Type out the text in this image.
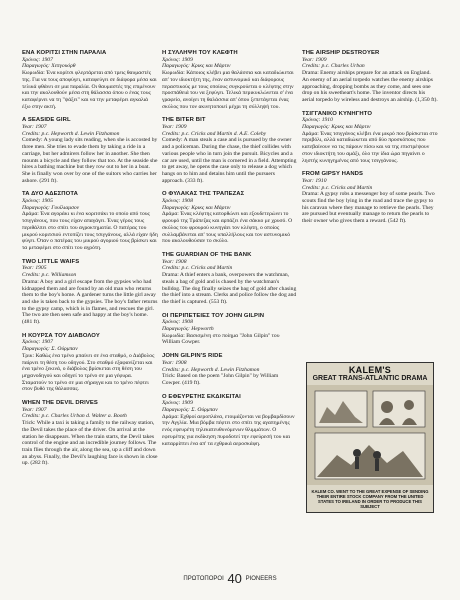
ΕΝΑ ΚΟΡΙΤΣΙ ΣΤΗΝ ΠΑΡΑΛΙΑ
Χρόνος: 1907
Παραγωγός: Χεπγουόρθ

Κωμωδία: Ένα κορίτσι φλερτάρεται από τρεις θαυμαστές της. Για να τους αποφύγει, καταφεύγει σε διάφορα μέσα και τελικά φθάνει σε μια παραλία. Οι θαυμαστές της επιμένουν και την ακολουθούν μέσα στη θάλασσα όπου ο ένας τους καταφέρνει να τη "ψάξει" και να την μεταφέρει αγκαλιά έξω στην ακτή.

A SEASIDE GIRL
Year: 1907
Credits: p.c. Hepworth d. Lewin Fitzhamon

Comedy: A young lady sits reading, when she is accosted by three men. She tries to evade them by taking a ride in a carriage, but her admirers follow her in another. She then mounts a bicycle and they follow that too. At the seaside she hires a bathing machine but they row out to her in a boat. She is finally won over by one of the suitors who carries her ashore. (291 ft).

ΤΑ ΔΥΟ ΑΔΕΣΠΟΤΑ
Χρόνος: 1905
Παραγωγός: Γουϊλιαμσον

Δράμα: Ένα αγοράκι κι ένα κοριτσάκι το οποίο από τους τσιγγάνους, που τους είχαν απαγάγει. Ένας γέρος τους περιθάλπει στο σπίτι του αγροκτηματία. Ο πατέρας του μικρού κοριτσιού εντοπίζει τους τσιγγάνους, αλλά είχαν ήδη φύγει. Όταν ο πατέρας του μικρού αγοριού τους βρίσκει και τα μεταφέρει στο σπίτι του αγρότη.

TWO LITTLE WAIFS
Year: 1905
Credits: p.c. Williamson

Drama: A boy and a girl escape from the gypsies who had kidnapped them and are found by an old man who returns them to the boy's home. A gardener turns the little girl away and she is taken back to the gypsies. The boy's father returns to the gypsy camp, which is in flames, and rescues the girl. The two are then seen safe and happy at the boy's home. (481 ft).

Η ΚΟΥΡΣΑ ΤΟΥ ΔΙΑΒΟΛΟΥ
Χρόνος: 1907
Παραγωγός: Σ. Ούρμπαν

Τρικ: Καθώς ένα τρένο μπαίνει σε ένα σταθμό, ο Διάβολος παίρνει τη θέση του οδηγού. Στο σταθμό εξαφανίζεται και ένα τρένο ξεκινά, ο διάβολος βρίσκεται στη θέση του μηχανοδηγού και οδηγεί το τρένο σε μια γέφυρα. Σταματούν το τρένο σε μια σήραγγα και το τρένο πέφτει στον βυθό της θάλασσας.

WHEN THE DEVIL DRIVES
Year: 1907
Credits: p.c. Charles Urban d. Walter a. Booth

Trick: While a taxi is taking a family to the railway station, the Devil takes the place of the driver. On arrival at the station he disappears. When the train starts, the Devil takes control of the engine and an incredible journey follows. The train flies through the air, along the sea, up a cliff and down an abyss. Finally, the Devil's laughing face is shown in close up. (282 ft).

Η ΣΥΛΛΗΨΗ ΤΟΥ ΚΛΕΦΤΗ
Χρόνος: 1909
Παραγωγός: Κρικς και Μάρτιν

Κωμωδία: Κάποιος κλέβει μια θαλάσσια και καταδιώκεται απ' τον ιδιοκτήτη της, έναν αστυνομικό και διάφορους περαστικούς με τους οποίους συγκρούεται ο κλέφτης στην προσπάθειά του να ξεφύγει. Τελικά περικυκλώνεται σ' ένα γραφείο, ανοίγει τη θαλάσσια απ' όπου ξεπετάγεται ένας σκύλος που τον ακινητοποιεί μέχρι τη σύλληψή του.

THE BITER BIT
Year: 1909
Credits: p.c. Cricks and Martin d. A.E. Coleby

Comedy: A man steals a case and is pursued by the owner and a policeman. During the chase, the thief collides with various people who in turn join the pursuit. Bicycles and a car are used, until the man is cornered in a field. Attempting to get away, he opens the case only to release a dog which hangs on to him and detains him until the pursuers approach. (333 ft).

Ο ΦΥΛΑΚΑΣ ΤΗΣ ΤΡΑΠΕΖΑΣ
Χρόνος: 1908
Παραγωγός: Κρικς και Μάρτιν

Δράμα: Ένας κλέφτης κατορθώνει και εξουδετερώνει το φρουρό της Τράπεζας και αρπάζει ένα σάκκο με χρυσό. Ο σκύλος του φρουρού κυνηγάει τον κλέφτη, ο οποίος συλλαμβάνεται απ' τους υπαλλήλους και τον αστυνομικό που ακολουθούσαν το σκύλο.

THE GUARDIAN OF THE BANK
Year: 1908
Credits: p.c. Cricks and Martin

Drama: A thief enters a bank, overpowers the watchman, steals a bag of gold and is chased by the watchman's bulldog. The dog finally seizes the bag of gold after chasing the thief into a stream. Clerks and police follow the dog and the thief is captured. (553 ft).

ΟΙ ΠΕΡΙΠΕΤΕΙΕΣ ΤΟΥ JOHN GILPIN
Χρόνος: 1908
Παραγωγός: Hepworth

Κωμωδία: Βασισμένη στο ποίημα "John Gilpin" του William Cowper.

JOHN GILPIN'S RIDE
Year: 1908
Credits: p.c. Hepworth d. Lewin Fitzhamon

Trick: Based on the poem "John Gilpin" by William Cowper. (419 ft).

Ο ΕΦΕΥΡΕΤΗΣ ΕΚΔΙΚΕΙΤΑΙ
Χρόνος: 1909
Παραγωγός: Σ. Ούρμπαν

Δράμα: Εχθροί αεροπλάνα, ετοιμάζονται να βομβαρδίσουν την Αγγλία. Μια βόμβα πέφτει στο σπίτι της αγαπημένης ενός εφευρέτη τηλεκατευθυνόμενων θλιμμάτων. Ο εφευρέτης για εκδίκηση πυροδοτεί την εφεύρεσή του και καταρρίπτει ένα απ' τα εχθρικά αεροσκάφη.

THE AIRSHIP DESTROYER
Year: 1909
Credits: p.c. Charles Urban

Drama: Enemy airships prepare for an attack on England. An enemy of an aerial torpedo watches the enemy airships approaching, dropping bombs as they come, and sees one drop on his sweetheart's home. The inventor directs his aerial torpedo by wireless and destroys an airship. (1,350 ft).

ΤΣΙΓΓΑΝΙΚΟ ΚΥΝΗΓΗΤΟ
Χρόνος: 1910
Παραγωγός: Κρικς και Μάρτιν

Δράμα: Ένας τσιγγάνος κλέβει ένα μικρό που βρίσκεται στο περιβόλι, αλλά καταδιώκεται από δύο προσκόπους που κατεβαίνουν να τις πάρουν πίσω και να της επιστρέψουν στον ιδιοκτήτη του αμάξι, όλο την ίδια ώρα πηγαίνει ο ληστής κυνηγημένος από τους τσιγγάνους.

FROM GIPSY HANDS
Year: 1910
Credits: p.c. Cricks and Martin

Drama: A gypsy robs a messenger boy of some pearls. Two scouts find the boy lying in the road and trace the gypsy to his caravan where they manage to retrieve the pearls. They are pursued but eventually manage to return the pearls to their owner who gives them a reward. (542 ft).

KALEM'S
GREAT TRANS-ATLANTIC DRAMA
KALEM CO. WENT TO THE GREAT EXPENSE OF SENDING THEIR ENTIRE STOCK COMPANY FROM THE UNITED STATES TO IRELAND IN ORDER TO PRODUCE THIS SUBJECT
ΠΡΩΤΟΠΟΡΟΙ 40 PIONEERS
